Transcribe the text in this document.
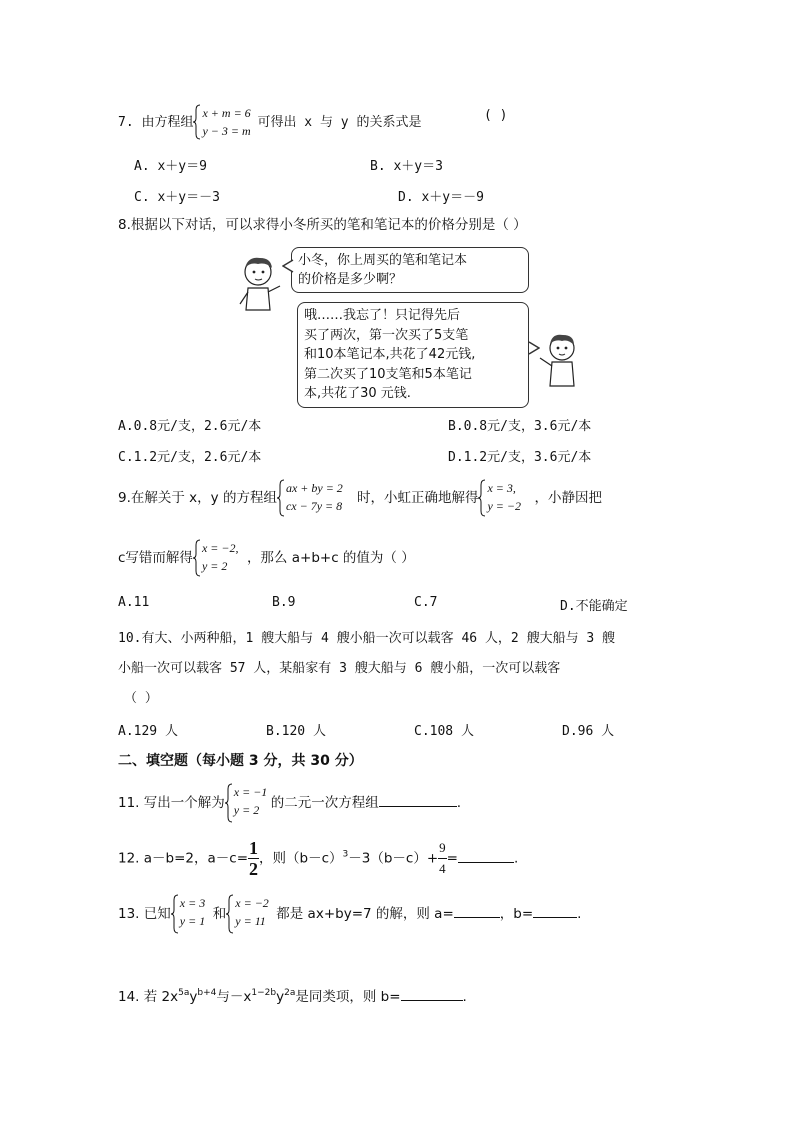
7. 由方程组
x + m = 6
y − 3 = m
可得出 x 与 y 的关系式是	( )
A. x＋y＝9	B. x＋y＝3
C. x＋y＝－3	D. x＋y＝－9
8.根据以下对话，可以求得小冬所买的笔和笔记本的价格分别是（ ）
小冬，你上周买的笔和笔记本
的价格是多少啊？
哦……我忘了！只记得先后
买了两次，第一次买了5支笔
和10本笔记本,共花了42元钱,
第二次买了10支笔和5本笔记
本,共花了30 元钱.
A.0.8元/支，2.6元/本	B.0.8元/支，3.6元/本
C.1.2元/支，2.6元/本	D.1.2元/支，3.6元/本
9.在解关于 x，y 的方程组
ax + by = 2
cx − 7y = 8 时，小虹正确地解得
x = 3,
y = −2 ，小静因把
c写错而解得
x = −2,
y = 2	，那么 a+b+c 的值为（ ）
A.11	B.9	C.7	D.不能确定
10.有大、小两种船，1 艘大船与 4 艘小船一次可以载客 46 人，2 艘大船与 3 艘
小船一次可以载客 57 人，某船家有 3 艘大船与 6 艘小船，一次可以载客
（ ）
A.129 人	B.120 人	C.108 人	D.96 人
二、填空题（每小题 3 分，共 30 分）
11. 写出一个解为
x = −1
y = 2 的二元一次方程组	.
12. a－b=2，$a-c= \frac{1}{2}$ ，则$(b-c)^3-3(b-c)+ \frac{9}{4}$ =	.
13. 已知
x = 3
y = 1 和
x = −2
y = 11 都是 ax+by=7 的解，则 a=	，b=	.
14. 若 $2x^{5a}y^{b+4}$与$-x^{1-2b}y^{2a}$是同类项，则 b=	.
